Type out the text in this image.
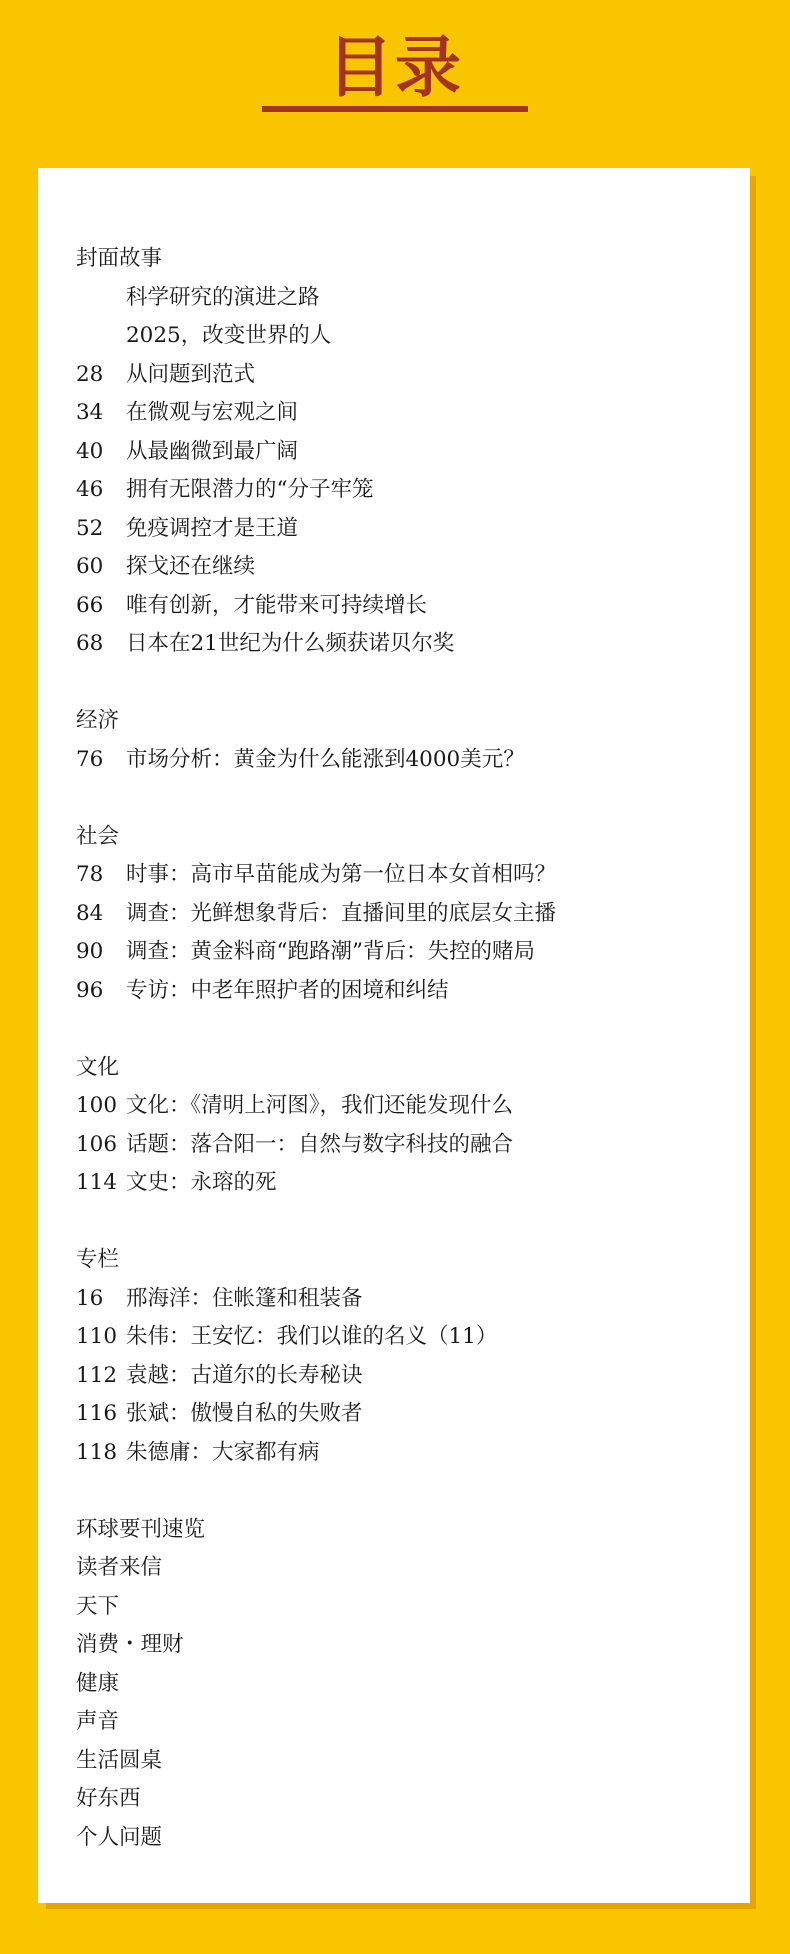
目录
封面故事
科学研究的演进之路
2025，改变世界的人
28 从问题到范式
34 在微观与宏观之间
40 从最幽微到最广阔
46 拥有无限潜力的“分子牢笼
52 免疫调控才是王道
60 探戈还在继续
66 唯有创新，才能带来可持续增长
68 日本在21世纪为什么频获诺贝尔奖
经济
76 市场分析：黄金为什么能涨到4000美元？
社会
78 时事：高市早苗能成为第一位日本女首相吗？
84 调查：光鲜想象背后：直播间里的底层女主播
90 调查：黄金料商“跑路潮”背后：失控的赌局
96 专访：中老年照护者的困境和纠结
文化
100 文化：《清明上河图》，我们还能发现什么
106 话题：落合阳一：自然与数字科技的融合
114 文史：永瑢的死
专栏
16 邢海洋：住帐篷和租装备
110 朱伟：王安忆：我们以谁的名义（11）
112 袁越：古道尔的长寿秘诀
116 张斌：傲慢自私的失败者
118 朱德庸：大家都有病
环球要刊速览
读者来信
天下
消费・理财
健康
声音
生活圆桌
好东西
个人问题
